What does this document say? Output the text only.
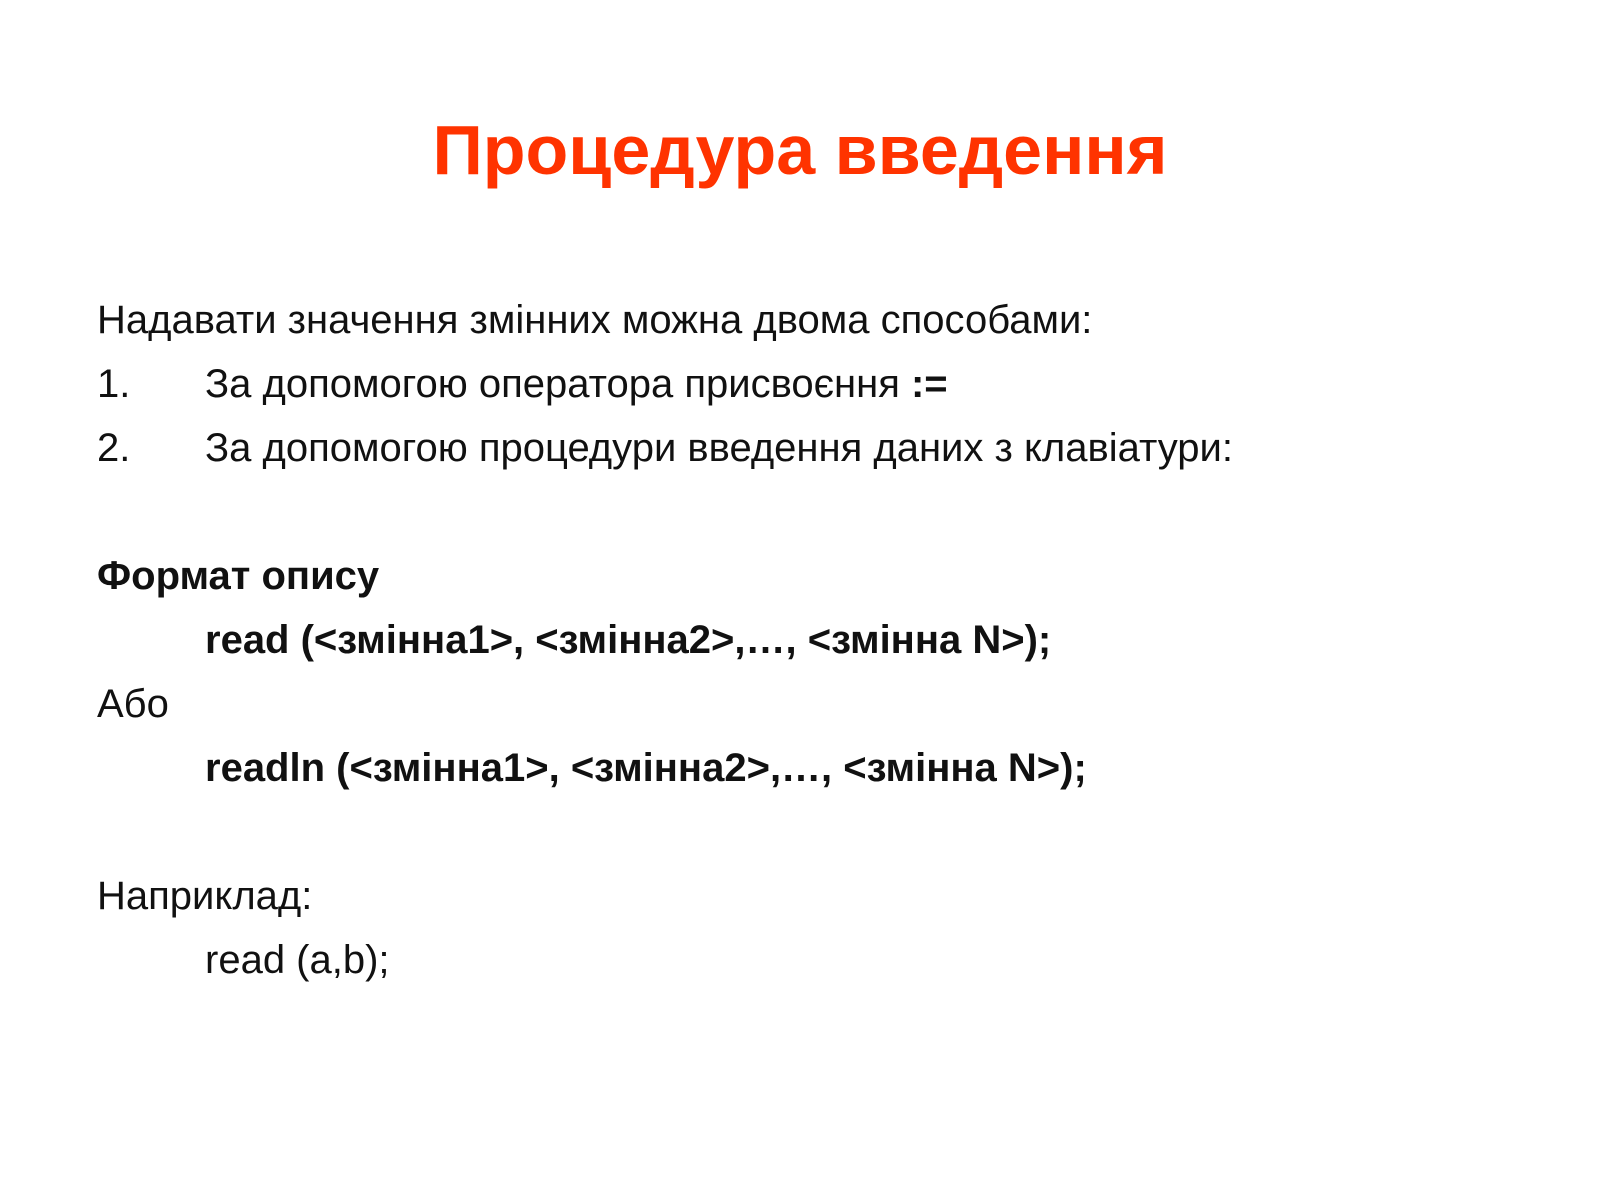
Процедура введення
Надавати значення змінних можна двома способами:
1. За допомогою оператора присвоєння :=
2. За допомогою процедури введення даних з клавіатури:
Формат опису
read (<змінна1>, <змінна2>,…, <змінна N>);
Або
readln (<змінна1>, <змінна2>,…, <змінна N>);
Наприклад:
read (a,b);
